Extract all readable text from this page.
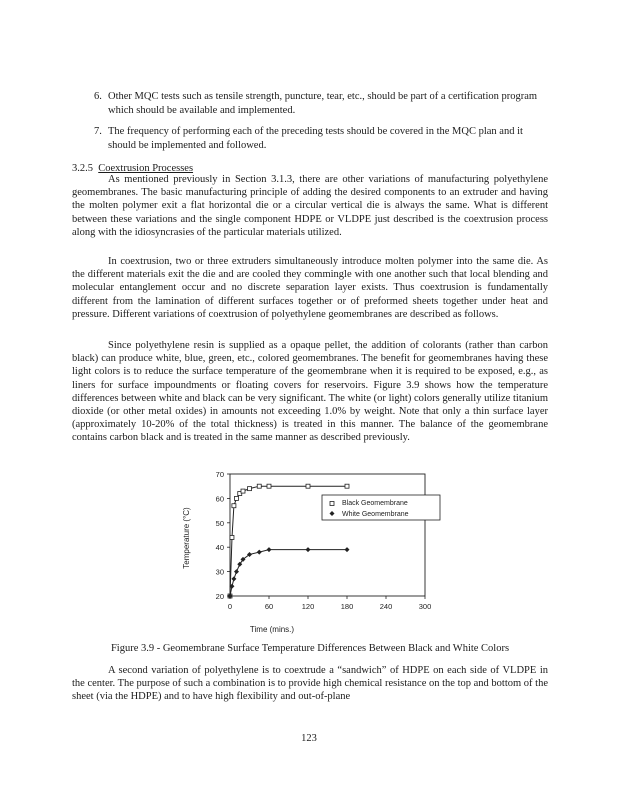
6. Other MQC tests such as tensile strength, puncture, tear, etc., should be part of a certification program which should be available and implemented.
7. The frequency of performing each of the preceding tests should be covered in the MQC plan and it should be implemented and followed.
3.2.5 Coextrusion Processes

As mentioned previously in Section 3.1.3, there are other variations of manufacturing polyethylene geomembranes. The basic manufacturing principle of adding the desired components to an extruder and having the molten polymer exit a flat horizontal die or a circular vertical die is always the same. What is different between these variations and the single component HDPE or VLDPE just described is the coextrusion process along with the idiosyncrasies of the particular materials utilized.

In coextrusion, two or three extruders simultaneously introduce molten polymer into the same die. As the different materials exit the die and are cooled they commingle with one another such that local blending and molecular entanglement occur and no discrete separation layer exists. Thus coextrusion is fundamentally different from the lamination of different surfaces together or of preformed sheets together under heat and pressure. Different variations of coextrusion of polyethylene geomembranes are described as follows.

Since polyethylene resin is supplied as a opaque pellet, the addition of colorants (rather than carbon black) can produce white, blue, green, etc., colored geomembranes. The benefit for geomembranes having these light colors is to reduce the surface temperature of the geomembrane when it is required to be exposed, e.g., as liners for surface impoundments or floating covers for reservoirs. Figure 3.9 shows how the temperature differences between white and black can be very significant. The white (or light) colors generally utilize titanium dioxide (or other metal oxides) in amounts not exceeding 1.0% by weight. Note that only a thin surface layer (approximately 10-20% of the total thickness) is treated in this manner. The balance of the geomembrane contains carbon black and is treated in the same manner as described previously.

20
30
40
50
60
70
0	60	120	180	240	300
Black Geomembrane
White Geomembrane
Time (mins.)
Temperature (°C)
Figure 3.9 - Geomembrane Surface Temperature Differences Between Black and White Colors

A second variation of polyethylene is to coextrude a “sandwich” of HDPE on each side of VLDPE in the center. The purpose of such a combination is to provide high chemical resistance on the top and bottom of the sheet (via the HDPE) and to have high flexibility and out-of-plane

123
